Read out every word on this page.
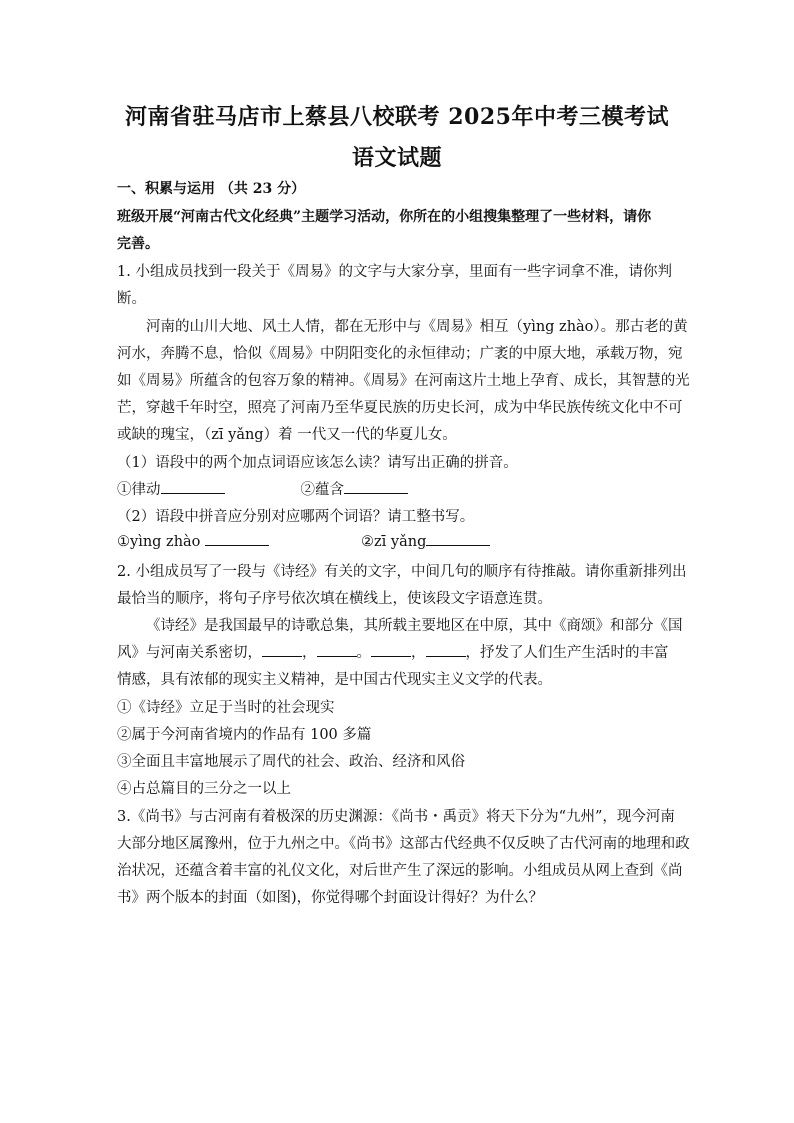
河南省驻马店市上蔡县八校联考 2025年中考三模考试
语文试题
一、积累与运用 （共 23 分）
班级开展“河南古代文化经典”主题学习活动，你所在的小组搜集整理了一些材料，请你
完善。
1. 小组成员找到一段关于《周易》的文字与大家分享，里面有一些字词拿不准，请你判
断。
河南的山川大地、风土人情，都在无形中与《周易》相互（yìng zhào）。那古老的黄
河水，奔腾不息，恰似《周易》中阴阳变化的永恒律动；广袤的中原大地，承载万物，宛
如《周易》所蕴含的包容万象的精神。《周易》在河南这片土地上孕育、成长，其智慧的光
芒，穿越千年时空，照亮了河南乃至华夏民族的历史长河，成为中华民族传统文化中不可
或缺的瑰宝，（zī yǎng）着 一代又一代的华夏儿女。
（1）语段中的两个加点词语应该怎么读？请写出正确的拼音。
①律动	②蕴含
（2）语段中拼音应分别对应哪两个词语？请工整书写。
①yìng zhào	②zī yǎng
2. 小组成员写了一段与《诗经》有关的文字，中间几句的顺序有待推敲。请你重新排列出
最恰当的顺序，将句子序号依次填在横线上，使该段文字语意连贯。
《诗经》是我国最早的诗歌总集，其所载主要地区在中原，其中《商颂》和部分《国
风》与河南关系密切，	，	。	，	，抒发了人们生产生活时的丰富
情感，具有浓郁的现实主义精神，是中国古代现实主义文学的代表。
①《诗经》立足于当时的社会现实
②属于今河南省境内的作品有 100 多篇
③全面且丰富地展示了周代的社会、政治、经济和风俗
④占总篇目的三分之一以上
3.《尚书》与古河南有着极深的历史渊源：《尚书・禹贡》将天下分为“九州”，现今河南
大部分地区属豫州，位于九州之中。《尚书》这部古代经典不仅反映了古代河南的地理和政
治状况，还蕴含着丰富的礼仪文化，对后世产生了深远的影响。小组成员从网上查到《尚
书》两个版本的封面（如图)，你觉得哪个封面设计得好？为什么？
